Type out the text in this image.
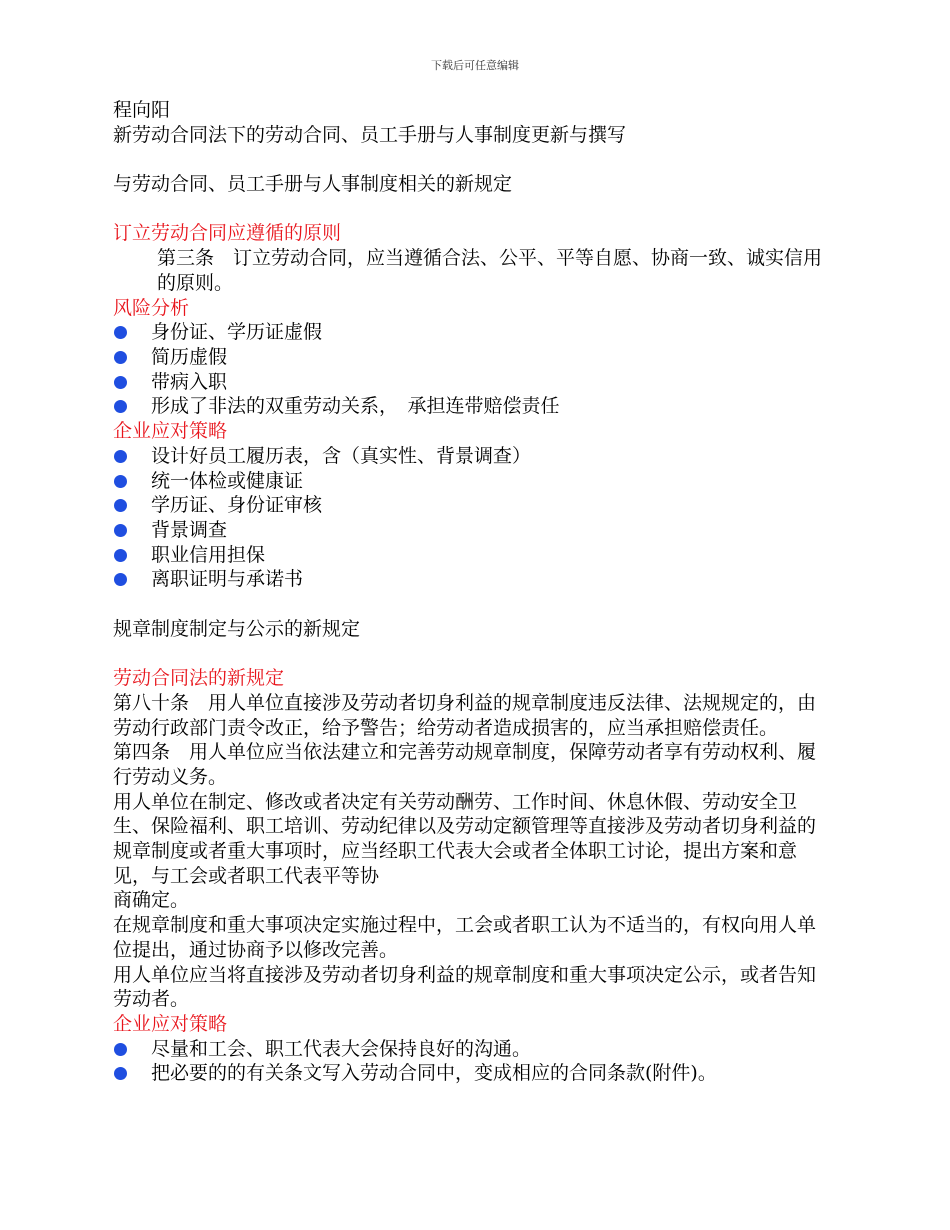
下载后可任意编辑
程向阳
新劳动合同法下的劳动合同、员工手册与人事制度更新与撰写
与劳动合同、员工手册与人事制度相关的新规定
订立劳动合同应遵循的原则
第三条　订立劳动合同，应当遵循合法、公平、平等自愿、协商一致、诚实信用的原则。
风险分析
身份证、学历证虚假
简历虚假
带病入职
形成了非法的双重劳动关系，　承担连带赔偿责任
企业应对策略
设计好员工履历表，含（真实性、背景调查）
统一体检或健康证
学历证、身份证审核
背景调查
职业信用担保
离职证明与承诺书
规章制度制定与公示的新规定
劳动合同法的新规定
第八十条　用人单位直接涉及劳动者切身利益的规章制度违反法律、法规规定的，由劳动行政部门责令改正，给予警告；给劳动者造成损害的，应当承担赔偿责任。
第四条　用人单位应当依法建立和完善劳动规章制度，保障劳动者享有劳动权利、履行劳动义务。
用人单位在制定、修改或者决定有关劳动酬劳、工作时间、休息休假、劳动安全卫生、保险福利、职工培训、劳动纪律以及劳动定额管理等直接涉及劳动者切身利益的规章制度或者重大事项时，应当经职工代表大会或者全体职工讨论，提出方案和意见，与工会或者职工代表平等协
商确定。
在规章制度和重大事项决定实施过程中，工会或者职工认为不适当的，有权向用人单位提出，通过协商予以修改完善。
用人单位应当将直接涉及劳动者切身利益的规章制度和重大事项决定公示，或者告知劳动者。
企业应对策略
尽量和工会、职工代表大会保持良好的沟通。
把必要的的有关条文写入劳动合同中，变成相应的合同条款(附件)。
